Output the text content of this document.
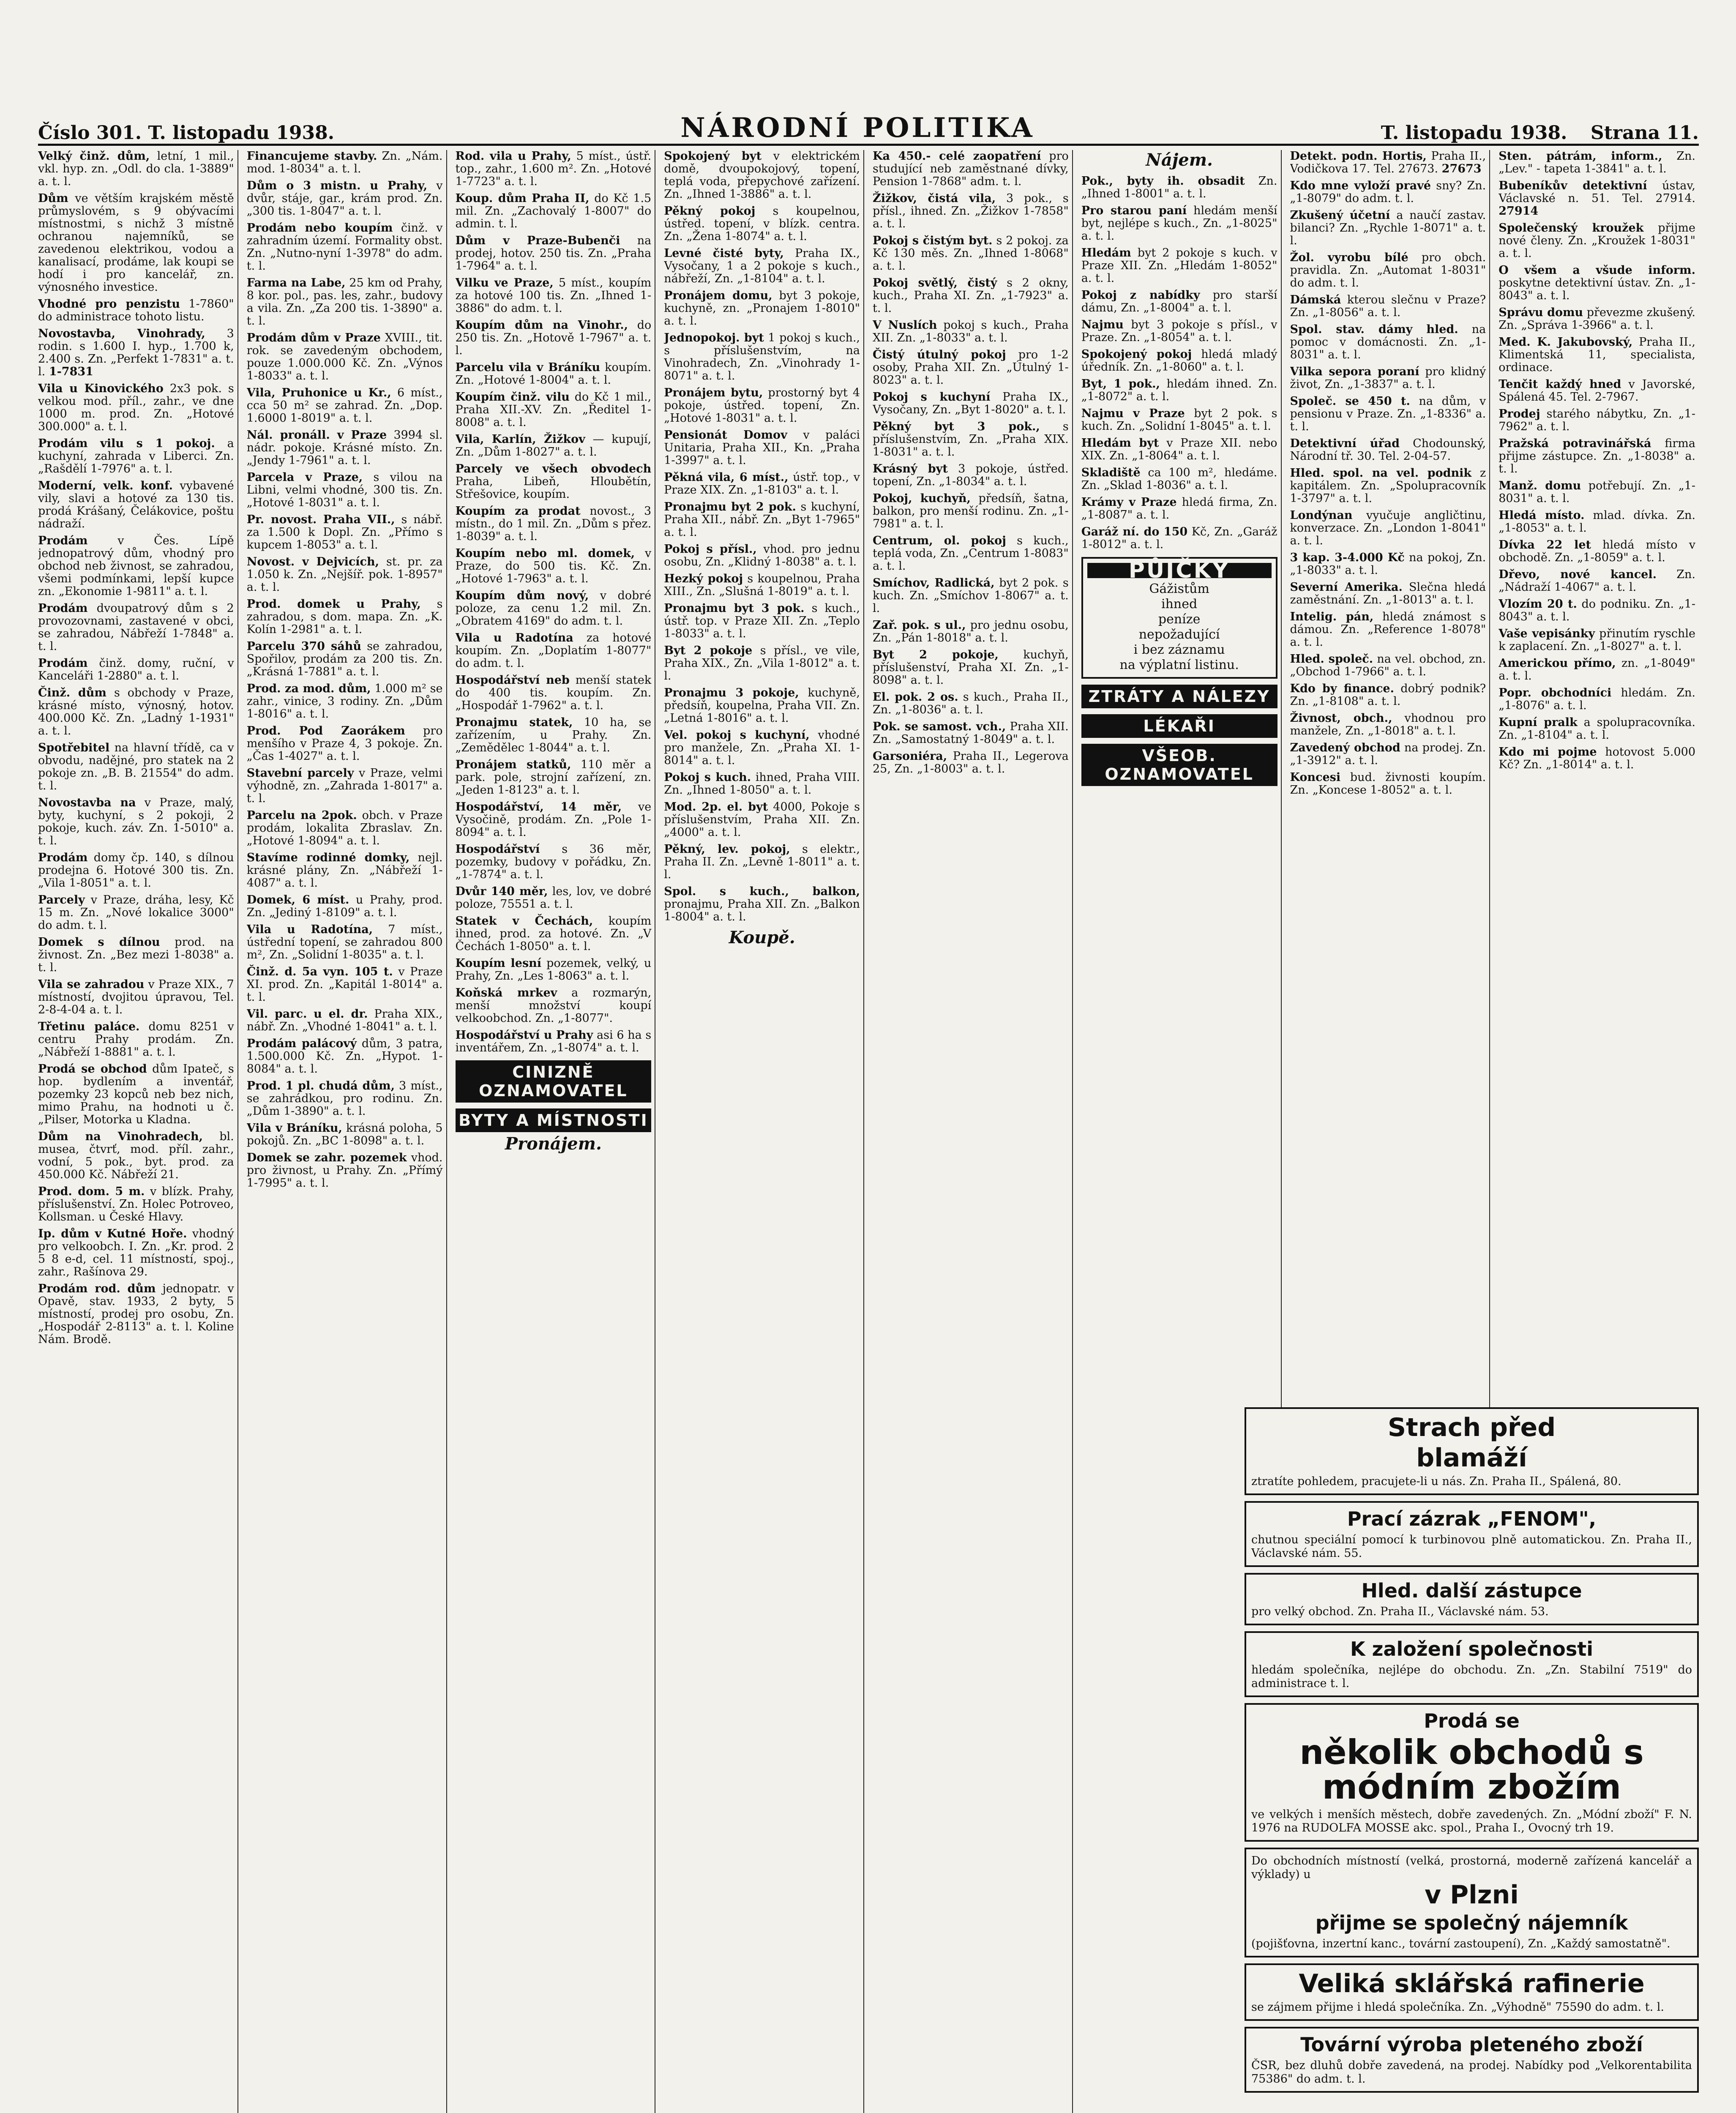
Číslo 301. T. listopadu 1938.	NÁRODNÍ POLITIKA	T. listopadu 1938. Strana 11.

Velký činž. dům, letní, 1 mil., vkl. hyp. zn. „Odl. do cla. 1-3889" a. t. l.

Dům ve větším krajském městě průmyslovém, s 9 obývacími místnostmi, s nichž 3 místně ochranou najemníků, se zavedenou elektrikou, vodou a kanalisací, prodáme, lak koupi se hodí i pro kancelář, zn. výnosného investice.

Vhodné pro penzistu 1-7860" do administrace tohoto listu.

Novostavba, Vinohrady, 3 rodin. s 1.600 I. hyp., 1.700 k, 2.400 s. Zn. „Perfekt 1-7831" a. t. l. 1-7831

Vila u Kinovického 2x3 pok. s velkou mod. příl., zahr., ve dne 1000 m. prod. Zn. „Hotové 300.000" a. t. l.

Prodám vilu s 1 pokoj. a kuchyní, zahrada v Liberci. Zn. „Rašdělí 1-7976" a. t. l.

Moderní, velk. konf. vybavené vily, slavi a hotové za 130 tis. prodá Krášaný, Čelákovice, poštu nádraží.

Prodám	v Čes. Lípě jednopatrový dům, vhodný pro obchod neb živnost, se zahradou, všemi podmínkami, lepší kupce zn. „Ekonomie 1-9811" a. t. l.

Prodám dvoupatrový dům s 2 provozovnami, zastavené v obci, se zahradou, Nábřeží 1-7848" a. t. l.

Prodám činž. domy, ruční, v Kanceláři 1-2880" a. t. l.

Činž. dům s obchody v Praze, krásné místo, výnosný, hotov. 400.000 Kč. Zn. „Ladný 1-1931" a. t. l.

Spotřebitel na hlavní třídě, ca v obvodu, nadějné, pro statek na 2 pokoje zn. „B. B. 21554" do adm. t. l.

Novostavba na v Praze, malý, byty, kuchyní, s 2 pokoji, 2 pokoje, kuch. záv. Zn. 1-5010" a. t. l.

Prodám domy čp. 140, s dílnou prodejna 6. Hotové 300 tis. Zn. „Vila 1-8051" a. t. l.

Parcely v Praze, dráha, lesy, Kč 15 m. Zn. „Nové lokalice 3000" do adm. t. l.

Domek s dílnou prod. na živnost. Zn. „Bez mezi 1-8038" a. t. l.

Vila se zahradou v Praze XIX., 7 místností, dvojitou úpravou, Tel. 2-8-4-04 a. t. l.

Třetinu paláce. domu 8251 v centru Prahy prodám. Zn. „Nábřeží 1-8881" a. t. l.

Prodá se obchod dům Ipateč, s hop. bydlením a inventář, pozemky 23 kopců neb bez nich, mimo Prahu, na hodnoti u č. „Pilser, Motorka u Kladna.

Dům na Vinohradech, bl. musea, čtvrť, mod. příl. zahr., vodní, 5 pok., byt. prod. za 450.000 Kč. Nábřeží 21.

Prod. dom. 5 m. v blízk. Prahy, příslušenství. Zn. Holec Potroveo, Kollsman. u České Hlavy.

Ip. dům v Kutné Hoře. vhodný pro velkoobch. I. Zn. „Kr. prod. 2 5 8 e-d, cel. 11 místností, spoj., zahr., Rašínova 29.

Prodám rod. dům jednopatr. v Opavě, stav. 1933, 2 byty, 5 místností, prodej pro osobu, Zn. „Hospodář 2-8113" a. t. l. Koline Nám. Brodě.

Financujeme stavby. Zn. „Nám. mod. 1-8034" a. t. l.

Dům o 3 mistn. u Prahy, v dvůr, stáje, gar., krám prod. Zn. „300 tis. 1-8047" a. t. l.

Prodám nebo koupím činž. v zahradním území. Formality obst. Zn. „Nutno-nyní 1-3978" do adm. t. l.

Farma na Labe, 25 km od Prahy, 8 kor. pol., pas. les, zahr., budovy a vila. Zn. „Za 200 tis. 1-3890" a. t. l.

Prodám dům v Praze XVIII., tit. rok. se zavedeným obchodem, pouze 1.000.000 Kč. Zn. „Výnos 1-8033" a. t. l.

Vila, Pruhonice u Kr., 6 míst., cca 50 m² se zahrad. Zn. „Dop. 1.6000 1-8019" a. t. l.

Nál. pronáll. v Praze 3994 sl. nádr. pokoje. Krásné místo. Zn. „Jendy 1-7961" a. t. l.

Parcela v Praze, s vilou na Libni, velmi vhodné, 300 tis. Zn. „Hotové 1-8031" a. t. l.

Pr. novost. Praha VII., s nábř. za 1.500 k Dopl. Zn. „Přímo s kupcem 1-8053" a. t. l.

Novost. v Dejvicích, st. pr. za 1.050 k. Zn. „Nejšíř. pok. 1-8957" a. t. l.

Prod. domek u Prahy, s zahradou, s dom. mapa. Zn. „K. Kolín 1-2981" a. t. l.

Parcelu 370 sáhů se zahradou, Spořilov, prodám za 200 tis. Zn. „Krásná 1-7881" a. t. l.

Prod. za mod. dům, 1.000 m² se zahr., vinice, 3 rodiny. Zn. „Dům 1-8016" a. t. l.

Prod. Pod Zaorákem pro menšího v Praze 4, 3 pokoje. Zn. „Čas 1-4027" a. t. l.

Stavební parcely v Praze, velmi výhodně, zn. „Zahrada 1-8017" a. t. l.

Parcelu na 2pok. obch. v Praze prodám, lokalita Zbraslav. Zn. „Hotové 1-8094" a. t. l.

Stavíme rodinné domky, nejl. krásné plány, Zn. „Nábřeží 1-4087" a. t. l.

Domek, 6 míst. u Prahy, prod. Zn. „Jediný 1-8109" a. t. l.

Vila u Radotína, 7 míst., ústřední topení, se zahradou 800 m², Zn. „Solidní 1-8035" a. t. l.

Činž. d. 5a vyn. 105 t. v Praze XI. prod. Zn. „Kapitál 1-8014" a. t. l.

Vil. parc. u el. dr. Praha XIX., nábř. Zn. „Vhodné 1-8041" a. t. l.

Prodám palácový dům, 3 patra, 1.500.000 Kč. Zn. „Hypot. 1-8084" a. t. l.

Prod. 1 pl. chudá dům, 3 míst., se zahrádkou, pro rodinu. Zn. „Dům 1-3890" a. t. l.

Vila v Bráníku, krásná poloha, 5 pokojů. Zn. „BC 1-8098" a. t. l.

Domek se zahr. pozemek vhod. pro živnost, u Prahy. Zn. „Přímý 1-7995" a. t. l.

Rod. vila u Prahy, 5 míst., ústř. top., zahr., 1.600 m². Zn. „Hotové 1-7723" a. t. l.

Koup. dům Praha II, do Kč 1.5 mil. Zn. „Zachovalý 1-8007" do admin. t. l.

Dům v Praze-Bubenči na prodej, hotov. 250 tis. Zn. „Praha 1-7964" a. t. l.

Vilku ve Praze, 5 míst., koupím za hotové 100 tis. Zn. „Ihned 1-3886" do adm. t. l.

Koupím dům na Vinohr., do 250 tis. Zn. „Hotově 1-7967" a. t. l.

Parcelu vila v Bráníku koupím. Zn. „Hotové 1-8004" a. t. l.

Koupím činž. vilu do Kč 1 mil., Praha XII.-XV. Zn. „Ředitel 1-8008" a. t. l.

Vila, Karlín, Žižkov — kupují, Zn. „Dům 1-8027" a. t. l.

Parcely ve všech obvodech Praha, Libeň, Hloubětín, Střešovice, koupím.

Koupím za prodat novost., 3 místn., do 1 mil. Zn. „Dům s přez. 1-8039" a. t. l.

Koupím nebo ml. domek, v Praze, do 500 tis. Kč. Zn. „Hotové 1-7963" a. t. l.

Koupím dům nový, v dobré poloze, za cenu 1.2 mil. Zn. „Obratem 4169" do adm. t. l.

Vila u Radotína za hotové koupím. Zn. „Doplatím 1-8077" do adm. t. l.

Hospodářství neb menší statek do 400 tis. koupím. Zn. „Hospodář 1-7962" a. t. l.

Pronajmu statek, 10 ha, se zařízením, u Prahy. Zn. „Zemědělec 1-8044" a. t. l.

Pronájem statků, 110 měr a park. pole, strojní zařízení, zn. „Jeden 1-8123" a. t. l.

Hospodářství, 14 měr, ve Vysočině, prodám. Zn. „Pole 1-8094" a. t. l.

Hospodářství s 36 měr, pozemky, budovy v pořádku, Zn. „1-7874" a. t. l.

Dvůr 140 měr, les, lov, ve dobré poloze, 75551 a. t. l.

Statek v Čechách, koupím ihned, prod. za hotové. Zn. „V Čechách 1-8050" a. t. l.

Koupím lesní pozemek, velký, u Prahy, Zn. „Les 1-8063" a. t. l.

Koňská mrkev a rozmarýn, menší množství koupí velkoobchod. Zn. „1-8077".

Hospodářství u Prahy asi 6 ha s inventářem, Zn. „1-8074" a. t. l.

CINIZNĚ OZNAMOVATEL
BYTY A MÍSTNOSTI
Pronájem.

Spokojený byt v elektrickém domě, dvoupokojový, topení, teplá voda, přepychové zařízení. Zn. „Ihned 1-3886" a. t. l.

Pěkný pokoj s koupelnou, ústřed. topení, v blízk. centra. Zn. „Žena 1-8074" a. t. l.

Levné čisté byty, Praha IX., Vysočany, 1 a 2 pokoje s kuch., nábřeží, Zn. „1-8104" a. t. l.

Pronájem domu, byt 3 pokoje, kuchyně, zn. „Pronajem 1-8010" a. t. l.

Jednopokoj. byt 1 pokoj s kuch., s příslušenstvím, na Vinohradech, Zn. „Vinohrady 1-8071" a. t. l.

Pronájem bytu, prostorný byt 4 pokoje, ústřed. topení, Zn. „Hotové 1-8031" a. t. l.

Pensionát Domov v paláci Unitaria, Praha XII., Kn. „Praha 1-3997" a. t. l.

Pěkná vila, 6 míst., ústř. top., v Praze XIX. Zn. „1-8103" a. t. l.

Pronajmu byt 2 pok. s kuchyní, Praha XII., nábř. Zn. „Byt 1-7965" a. t. l.

Pokoj s přísl., vhod. pro jednu osobu, Zn. „Klidný 1-8038" a. t. l.

Hezký pokoj s koupelnou, Praha XIII., Zn. „Slušná 1-8019" a. t. l.

Pronajmu byt 3 pok. s kuch., ústř. top. v Praze XII. Zn. „Teplo 1-8033" a. t. l.

Byt 2 pokoje s přísl., ve vile, Praha XIX., Zn. „Vila 1-8012" a. t. l.

Pronajmu 3 pokoje, kuchyně, předsíň, koupelna, Praha VII. Zn. „Letná 1-8016" a. t. l.

Vel. pokoj s kuchyní, vhodné pro manžele, Zn. „Praha XI. 1-8014" a. t. l.

Pokoj s kuch. ihned, Praha VIII. Zn. „Ihned 1-8050" a. t. l.

Mod. 2p. el. byt 4000, Pokoje s příslušenstvím, Praha XII. Zn. „4000" a. t. l.

Pěkný, lev. pokoj, s elektr., Praha II. Zn. „Levně 1-8011" a. t. l.

Spol. s kuch., balkon, pronajmu, Praha XII. Zn. „Balkon 1-8004" a. t. l.

Koupě.

Ka 450.- celé zaopatření pro studující neb zaměstnané dívky, Pension 1-7868" adm. t. l.

Žižkov, čistá vila, 3 pok., s přísl., ihned. Zn. „Žižkov 1-7858" a. t. l.

Pokoj s čistým byt. s 2 pokoj. za Kč 130 měs. Zn. „Ihned 1-8068" a. t. l.

Pokoj světlý, čistý s 2 okny, kuch., Praha XI. Zn. „1-7923" a. t. l.

V Nuslích pokoj s kuch., Praha XII. Zn. „1-8033" a. t. l.

Čistý útulný pokoj pro 1-2 osoby, Praha XII. Zn. „Útulný 1-8023" a. t. l.

Pokoj s kuchyní Praha IX., Vysočany, Zn. „Byt 1-8020" a. t. l.

Pěkný byt 3 pok., s příslušenstvím, Zn. „Praha XIX. 1-8031" a. t. l.

Krásný byt 3 pokoje, ústřed. topení, Zn. „1-8034" a. t. l.

Pokoj, kuchyň, předsíň, šatna, balkon, pro menší rodinu. Zn. „1-7981" a. t. l.

Centrum, ol. pokoj s kuch., teplá voda, Zn. „Centrum 1-8083" a. t. l.

Smíchov, Radlická, byt 2 pok. s kuch. Zn. „Smíchov 1-8067" a. t. l.

Zař. pok. s ul., pro jednu osobu, Zn. „Pán 1-8018" a. t. l.

Byt 2 pokoje, kuchyň, příslušenství, Praha XI. Zn. „1-8098" a. t. l.

El. pok. 2 os. s kuch., Praha II., Zn. „1-8036" a. t. l.

Pok. se samost. vch., Praha XII. Zn. „Samostatný 1-8049" a. t. l.

Garsoniéra, Praha II., Legerova 25, Zn. „1-8003" a. t. l.

Nájem.

Pok., byty ih. obsadit Zn. „Ihned 1-8001" a. t. l.

Pro starou paní hledám menší byt, nejlépe s kuch., Zn. „1-8025" a. t. l.

Hledám byt 2 pokoje s kuch. v Praze XII. Zn. „Hledám 1-8052" a. t. l.

Pokoj z nabídky pro starší dámu, Zn. „1-8004" a. t. l.

Najmu byt 3 pokoje s přísl., v Praze. Zn. „1-8054" a. t. l.

Spokojený pokoj hledá mladý úředník. Zn. „1-8060" a. t. l.

Byt, 1 pok., hledám ihned. Zn. „1-8072" a. t. l.

Najmu v Praze byt 2 pok. s kuch. Zn. „Solidní 1-8045" a. t. l.

Hledám byt v Praze XII. nebo XIX. Zn. „1-8064" a. t. l.

Skladiště ca 100 m², hledáme. Zn. „Sklad 1-8036" a. t. l.

Krámy v Praze hledá firma, Zn. „1-8087" a. t. l.

Garáž ní. do 150 Kč, Zn. „Garáž 1-8012" a. t. l.

PŮJČKY
Gážistům
ihned
peníze
nepožadující
i bez záznamu
na výplatní listinu.
ZTRÁTY A NÁLEZY
LÉKAŘI
VŠEOB. OZNAMOVATEL

Detekt. podn. Hortis, Praha II., Vodičkova 17. Tel. 27673. 27673

Kdo mne vyloží pravé sny? Zn. „1-8079" do adm. t. l.

Zkušený účetní a naučí zastav. bilanci? Zn. „Rychle 1-8071" a. t. l.

Žol. vyrobu bílé pro obch. pravidla. Zn. „Automat 1-8031" do adm. t. l.

Dámská kterou slečnu v Praze? Zn. „1-8056" a. t. l.

Spol. stav. dámy hled. na pomoc v domácnosti. Zn. „1-8031" a. t. l.

Vilka sepora poraní pro klidný život, Zn. „1-3837" a. t. l.

Společ. se 450 t. na dům, v pensionu v Praze. Zn. „1-8336" a. t. l.

Detektivní úřad Chodounský, Národní tř. 30. Tel. 2-04-57.

Hled. spol. na vel. podnik z kapitálem. Zn. „Spolupracovník 1-3797" a. t. l.

Londýnan vyučuje angličtinu, konverzace. Zn. „London 1-8041" a. t. l.

3 kap. 3-4.000 Kč na pokoj, Zn. „1-8033" a. t. l.

Severní Amerika. Slečna hledá zaměstnání. Zn. „1-8013" a. t. l.

Intelig. pán, hledá známost s dámou. Zn. „Reference 1-8078" a. t. l.

Hled. společ. na vel. obchod, zn. „Obchod 1-7966" a. t. l.

Kdo by finance. dobrý podnik? Zn. „1-8108" a. t. l.

Živnost, obch., vhodnou pro manžele, Zn. „1-8018" a. t. l.

Zavedený obchod na prodej. Zn. „1-3912" a. t. l.

Koncesi bud. živnosti koupím. Zn. „Koncese 1-8052" a. t. l.

Sten. pátrám, inform., Zn. „Lev." - tapeta 1-3841" a. t. l.

Bubeníkův detektivní ústav, Václavské n. 51. Tel. 27914. 27914

Společenský kroužek přijme nové členy. Zn. „Kroužek 1-8031" a. t. l.

O všem a všude inform. poskytne detektivní ústav. Zn. „1-8043" a. t. l.

Správu domu převezme zkušený. Zn. „Správa 1-3966" a. t. l.

Med. K. Jakubovský, Praha II., Klimentská 11, specialista, ordinace.

Tenčit každý hned v Javorské, Spálená 45. Tel. 2-7967.

Prodej starého nábytku, Zn. „1-7962" a. t. l.

Pražská potravinářská firma přijme zástupce. Zn. „1-8038" a. t. l.

Manž. domu potřebují. Zn. „1-8031" a. t. l.

Hledá místo. mlad. dívka. Zn. „1-8053" a. t. l.

Dívka 22 let hledá místo v obchodě. Zn. „1-8059" a. t. l.

Dřevo, nové kancel. Zn. „Nádraží 1-4067" a. t. l.

Vlozím 20 t. do podniku. Zn. „1-8043" a. t. l.

Vaše vepisánky přinutím ryschle k zaplacení. Zn. „1-8027" a. t. l.

Americkou přímo, zn. „1-8049" a. t. l.

Popr. obchodníci hledám. Zn. „1-8076" a. t. l.

Kupní pralk a spolupracovníka. Zn. „1-8104" a. t. l.

Kdo mi pojme hotovost 5.000 Kč? Zn. „1-8014" a. t. l.

Strach před
blamáží

ztratíte pohledem, pracujete-li u nás. Zn. Praha II., Spálená, 80.

Prací zázrak „FENOM",

chutnou speciální pomocí k turbinovou plně automatickou. Zn. Praha II., Václavské nám. 55.

Hled. další zástupce

pro velký obchod. Zn. Praha II., Václavské nám. 53.

K založení společnosti

hledám společníka, nejlépe do obchodu. Zn. „Zn. Stabilní 7519" do administrace t. l.

Prodá se
několik obchodů s módním zbožím

ve velkých i menších městech, dobře zavedených. Zn. „Módní zboží" F. N. 1976 na RUDOLFA MOSSE akc. spol., Praha I., Ovocný trh 19.

Do obchodních místností (velká, prostorná, moderně zařízená kancelář a výklady) u

v Plzni
přijme se společný nájemník

(pojišťovna, inzertní kanc., tovární zastoupení), Zn. „Každý samostatně".

Veliká sklářská rafinerie

se zájmem přijme i hledá společníka. Zn. „Výhodně" 75590 do adm. t. l.

Tovární výroba pleteného zboží

ČSR, bez dluhů dobře zavedená, na prodej. Nabídky pod „Velkorentabilita 75386" do adm. t. l.
